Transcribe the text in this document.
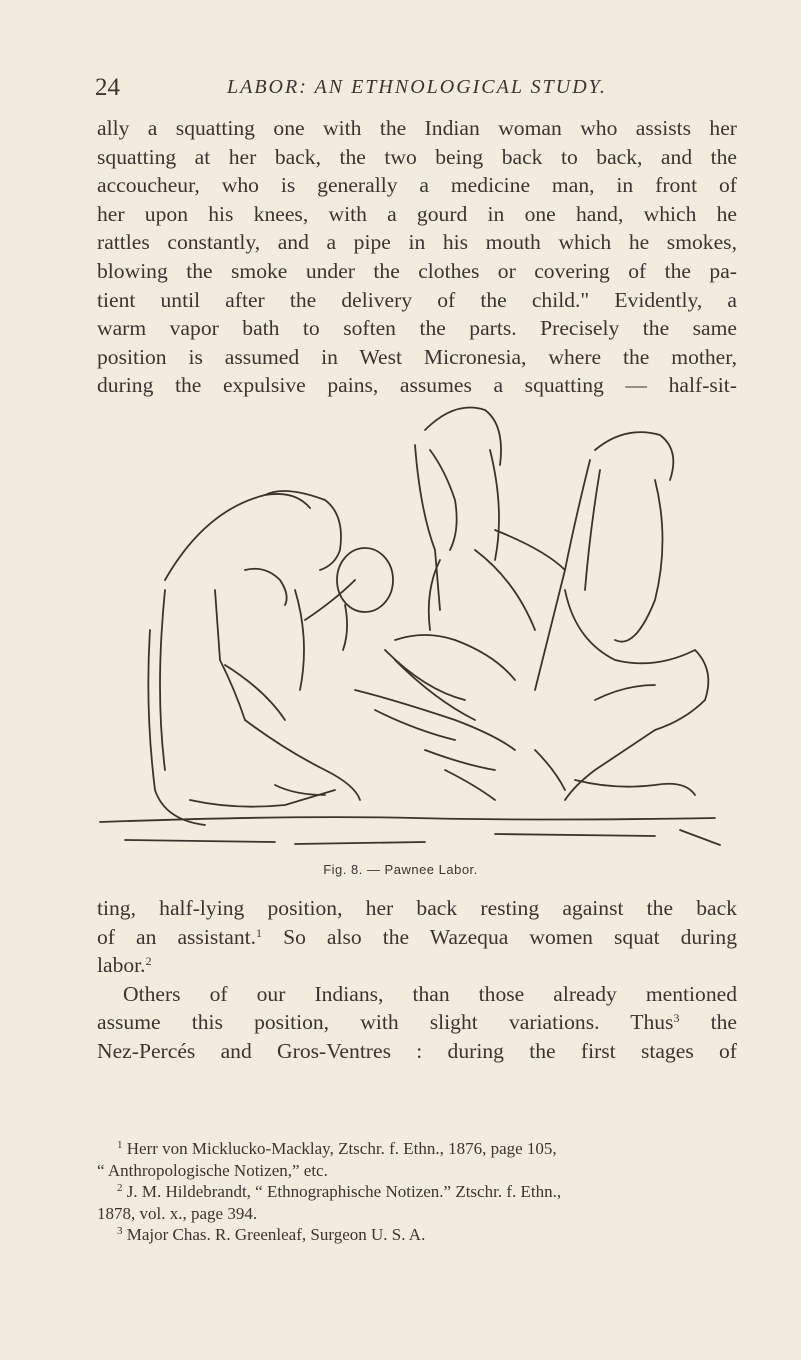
24	LABOR: AN ETHNOLOGICAL STUDY.
ally a squatting one with the Indian woman who assists her
squatting at her back, the two being back to back, and the
accoucheur, who is generally a medicine man, in front of
her upon his knees, with a gourd in one hand, which he
rattles constantly, and a pipe in his mouth which he smokes,
blowing the smoke under the clothes or covering of the pa-
tient until after the delivery of the child." Evidently, a
warm vapor bath to soften the parts. Precisely the same
position is assumed in West Micronesia, where the mother,
during the expulsive pains, assumes a squatting — half-sit-
Fig. 8. — Pawnee Labor.
ting, half-lying position, her back resting against the back
of an assistant.$^1$ So also the Wazequa women squat during
labor.$^2$
Others of our Indians, than those already mentioned
assume this position, with slight variations. Thus$^3$ the
Nez-Percés and Gros-Ventres : during the first stages of
$^1$ Herr von Micklucko-Macklay, Ztschr. f. Ethn., 1876, page 105,
“ Anthropologische Notizen,” etc.
$^2$ J. M. Hildebrandt, “ Ethnographische Notizen.” Ztschr. f. Ethn.,
1878, vol. x., page 394.
$^3$ Major Chas. R. Greenleaf, Surgeon U. S. A.
